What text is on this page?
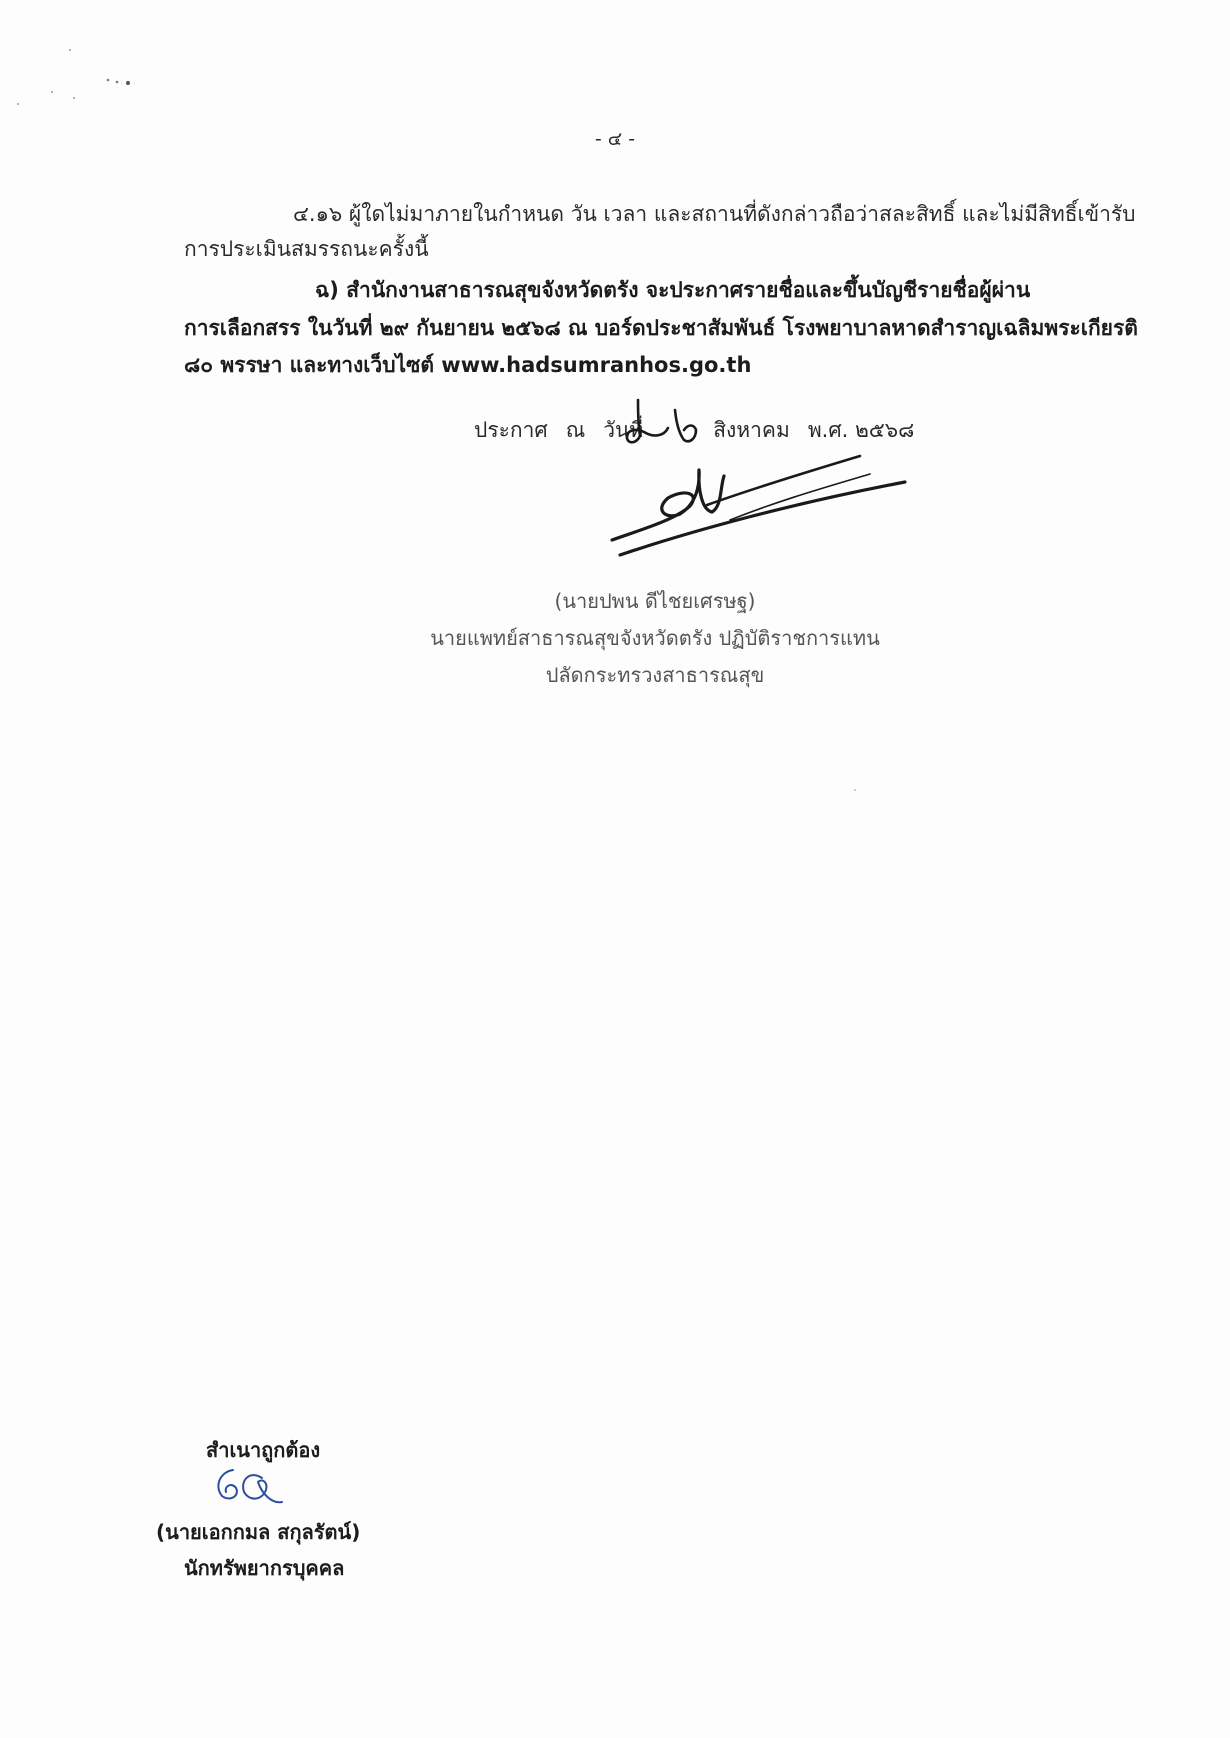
- ๔ -
๔.๑๖ ผู้ใดไม่มาภายในกำหนด วัน เวลา และสถานที่ดังกล่าวถือว่าสละสิทธิ์ และไม่มีสิทธิ์เข้ารับ
การประเมินสมรรถนะครั้งนี้
ฉ) สำนักงานสาธารณสุขจังหวัดตรัง จะประกาศรายชื่อและขึ้นบัญชีรายชื่อผู้ผ่าน
การเลือกสรร ในวันที่ ๒๙ กันยายน ๒๕๖๘ ณ บอร์ดประชาสัมพันธ์ โรงพยาบาลหาดสำราญเฉลิมพระเกียรติ
๘๐ พรรษา และทางเว็บไซต์ www.hadsumranhos.go.th
ประกาศ ณ วันที่	สิงหาคม พ.ศ. ๒๕๖๘
(นายปพน ดีไชยเศรษฐ)
นายแพทย์สาธารณสุขจังหวัดตรัง ปฏิบัติราชการแทน
ปลัดกระทรวงสาธารณสุข
สำเนาถูกต้อง
(นายเอกกมล สกุลรัตน์)
นักทรัพยากรบุคคล
